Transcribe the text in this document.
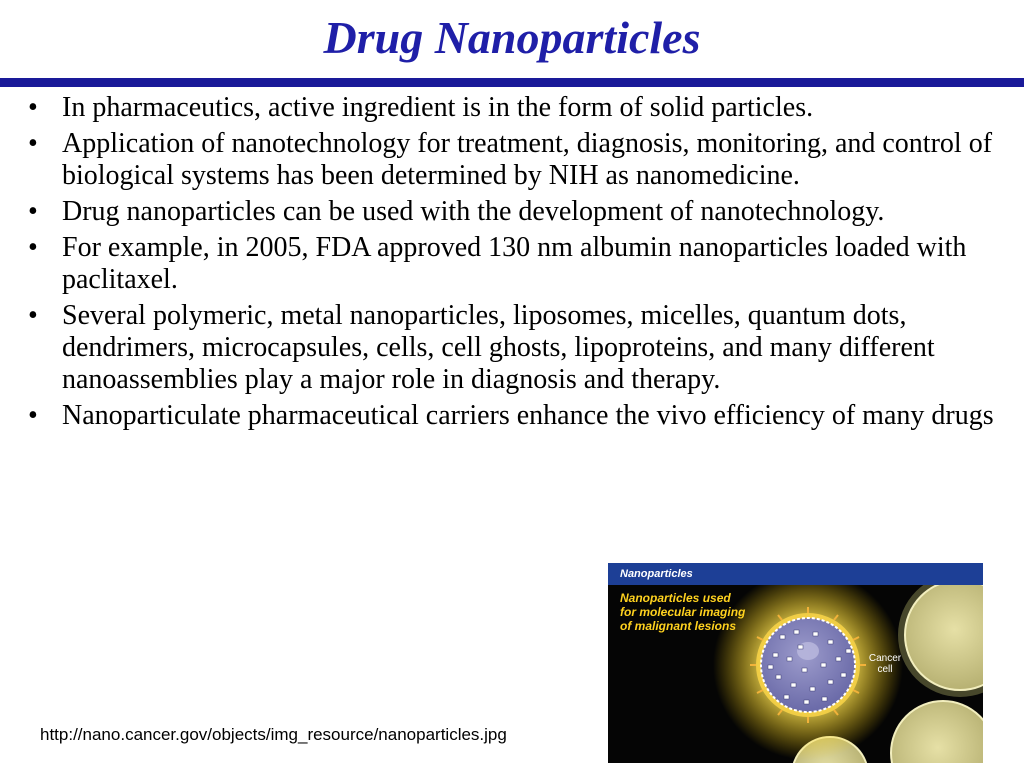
Drug Nanoparticles
• In pharmaceutics, active ingredient is in the form of solid particles.
• Application of nanotechnology for treatment, diagnosis, monitoring, and control of biological systems has been determined by NIH as nanomedicine.
• Drug nanoparticles can be used with the development of nanotechnology.
• For example, in 2005, FDA approved 130 nm albumin nanoparticles loaded with paclitaxel.
• Several polymeric, metal nanoparticles, liposomes, micelles, quantum dots, dendrimers, microcapsules, cells, cell ghosts, lipoproteins, and many different nanoassemblies play a major role in diagnosis and therapy.
• Nanoparticulate pharmaceutical carriers enhance the vivo efficiency of many drugs
Nanoparticles
Nanoparticles used
for molecular imaging
of malignant lesions
Cancer
cell
http://nano.cancer.gov/objects/img_resource/nanoparticles.jpg
